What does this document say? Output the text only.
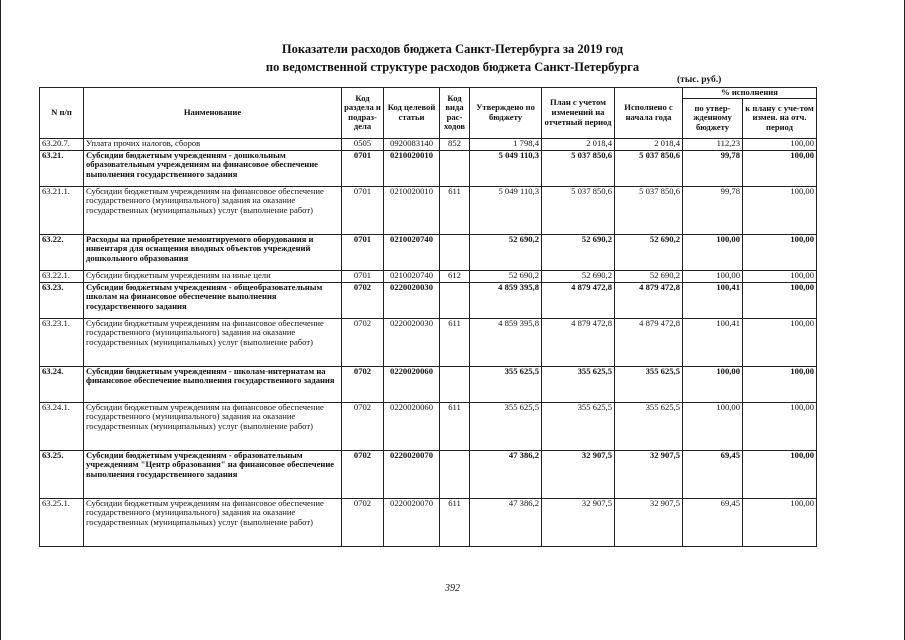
Показатели расходов бюджета Санкт-Петербурга за 2019 год
по ведомственной структуре расходов бюджета Санкт-Петербурга
(тыс. руб.)
N п/п	Наименование	Код раздела и подраз-дела	Код целевой статьи	Код вида рас-ходов	Утверждено по бюджету	План с учетом изменений на отчетный период	Исполнено с начала года	% исполнения	
								по утвер-жденному бюджету	к плану с уче-том измен. на отч. период
63.20.7.	Уплата прочих налогов, сборов	0505	0920083140	852	1 798,4	2 018,4	2 018,4	112,23	100,00
63.21.	Субсидии бюджетным учреждениям - дошкольным образовательным учреждениям на финансовое обеспечение выполнения государственного задания	0701	0210020010		5 049 110,3	5 037 850,6	5 037 850,6	99,78	100,00
63.21.1.	Субсидии бюджетным учреждениям на финансовое обеспечение государственного (муниципального) задания на оказание государственных (муниципальных) услуг (выполнение работ)	0701	0210020010	611	5 049 110,3	5 037 850,6	5 037 850,6	99,78	100,00
63.22.	Расходы на приобретение немонтируемого оборудования и инвентаря для оснащения вводных объектов учреждений дошкольного образования	0701	0210020740		52 690,2	52 690,2	52 690,2	100,00	100,00
63.22.1.	Субсидии бюджетным учреждениям на иные цели	0701	0210020740	612	52 690,2	52 690,2	52 690,2	100,00	100,00
63.23.	Субсидии бюджетным учреждениям - общеобразовательным школам на финансовое обеспечение выполнения государственного задания	0702	0220020030		4 859 395,8	4 879 472,8	4 879 472,8	100,41	100,00
63.23.1.	Субсидии бюджетным учреждениям на финансовое обеспечение государственного (муниципального) задания на оказание государственных (муниципальных) услуг (выполнение работ)	0702	0220020030	611	4 859 395,8	4 879 472,8	4 879 472,8	100,41	100,00
63.24.	Субсидии бюджетным учреждениям - школам-интернатам на финансовое обеспечение выполнения государственного задания	0702	0220020060		355 625,5	355 625,5	355 625,5	100,00	100,00
63.24.1.	Субсидии бюджетным учреждениям на финансовое обеспечение государственного (муниципального) задания на оказание государственных (муниципальных) услуг (выполнение работ)	0702	0220020060	611	355 625,5	355 625,5	355 625,5	100,00	100,00
63.25.	Субсидии бюджетным учреждениям - образовательным учреждениям "Центр образования" на финансовое обеспечение выполнения государственного задания	0702	0220020070		47 386,2	32 907,5	32 907,5	69,45	100,00
63.25.1.	Субсидии бюджетным учреждениям на финансовое обеспечение государственного (муниципального) задания на оказание государственных (муниципальных) услуг (выполнение работ)	0702	0220020070	611	47 386,2	32 907,5	32 907,5	69,45	100,00
392
